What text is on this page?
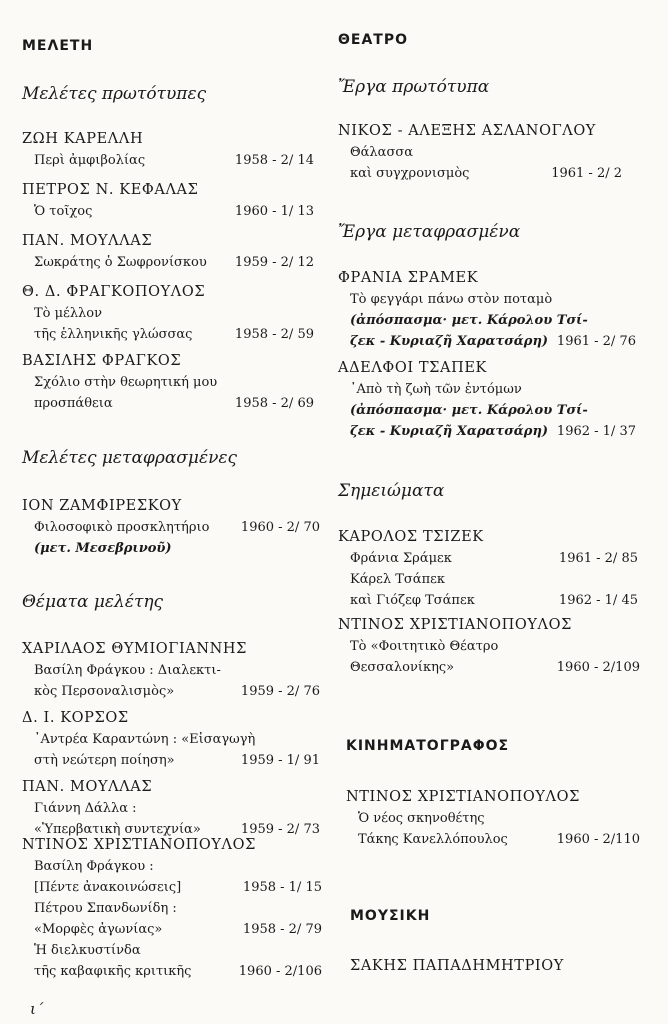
ΜΕΛΕΤΗ
Μελέτες πρωτότυπες
ΖΩΗ ΚΑΡΕΛΛΗ
Περὶ ἀμφιβολίας	1958 - 2/ 14
ΠΕΤΡΟΣ Ν. ΚΕΦΑΛΑΣ
Ὁ τοῖχος	1960 - 1/ 13
ΠΑΝ. ΜΟΥΛΛΑΣ
Σωκράτης ὁ Σωφρονίσκου 1959 - 2/ 12
Θ. Δ. ΦΡΑΓΚΟΠΟΥΛΟΣ
Τὸ μέλλον
τῆς ἑλληνικῆς γλώσσας	1958 - 2/ 59
ΒΑΣΙΛΗΣ ΦΡΑΓΚΟΣ
Σχόλιο στὴν θεωρητική μου
προσπάθεια	1958 - 2/ 69
Μελέτες μεταφρασμένες
ΙΟΝ ΖΑΜΦΙΡΕΣΚΟΥ
Φιλοσοφικὸ προσκλητήριο 1960 - 2/ 70
(μετ. Μεσεβρινοῦ)
Θέματα μελέτης
ΧΑΡΙΛΑΟΣ ΘΥΜΙΟΓΙΑΝΝΗΣ
Βασίλη Φράγκου : Διαλεκτι-
κὸς Περσοναλισμὸς»	1959 - 2/ 76
Δ. Ι. ΚΟΡΣΟΣ
᾿Αντρέα Καραντώνη : «Εἰσαγωγὴ
στὴ νεώτερη ποίηση»	1959 - 1/ 91
ΠΑΝ. ΜΟΥΛΛΑΣ
Γιάννη Δάλλα :
«Ὑπερβατικὴ συντεχνία»	1959 - 2/ 73
ΝΤΙΝΟΣ ΧΡΙΣΤΙΑΝΟΠΟΥΛΟΣ
Βασίλη Φράγκου :
[Πέντε ἀνακοινώσεις]	1958 - 1/ 15
Πέτρου Σπανδωνίδη :
«Μορφὲς ἀγωνίας»	1958 - 2/ 79
Ἡ διελκυστίνδα
τῆς καβαφικῆς κριτικῆς	1960 - 2/106
ι΄
ΘΕΑΤΡΟ
Ἔργα πρωτότυπα
ΝΙΚΟΣ - ΑΛΕΞΗΣ ΑΣΛΑΝΟΓΛΟΥ
Θάλασσα
καὶ συγχρονισμὸς	1961 - 2/ 2
Ἔργα μεταφρασμένα
ΦΡΑΝΙΑ ΣΡΑΜΕΚ
Τὸ φεγγάρι πάνω στὸν ποταμὸ
(ἀπόσπασμα· μετ. Κάρολου Τσί-
ζεκ - Κυριαζῆ Χαρατσάρη) 1961 - 2/ 76
ΑΔΕΛΦΟΙ ΤΣΑΠΕΚ
᾿Απὸ τὴ ζωὴ τῶν ἐντόμων
(ἀπόσπασμα· μετ. Κάρολου Τσί-
ζεκ - Κυριαζῆ Χαρατσάρη) 1962 - 1/ 37
Σημειώματα
ΚΑΡΟΛΟΣ ΤΣΙΖΕΚ
Φράνια Σράμεκ	1961 - 2/ 85
Κάρελ Τσάπεκ
καὶ Γιόζεφ Τσάπεκ	1962 - 1/ 45
ΝΤΙΝΟΣ ΧΡΙΣΤΙΑΝΟΠΟΥΛΟΣ
Τὸ «Φοιτητικὸ Θέατρο
Θεσσαλονίκης»	1960 - 2/109
ΚΙΝΗΜΑΤΟΓΡΑΦΟΣ
ΝΤΙΝΟΣ ΧΡΙΣΤΙΑΝΟΠΟΥΛΟΣ
Ὁ νέος σκηνοθέτης
Τάκης Κανελλόπουλος	1960 - 2/110
ΜΟΥΣΙΚΗ
ΣΑΚΗΣ ΠΑΠΑΔΗΜΗΤΡΙΟΥ
